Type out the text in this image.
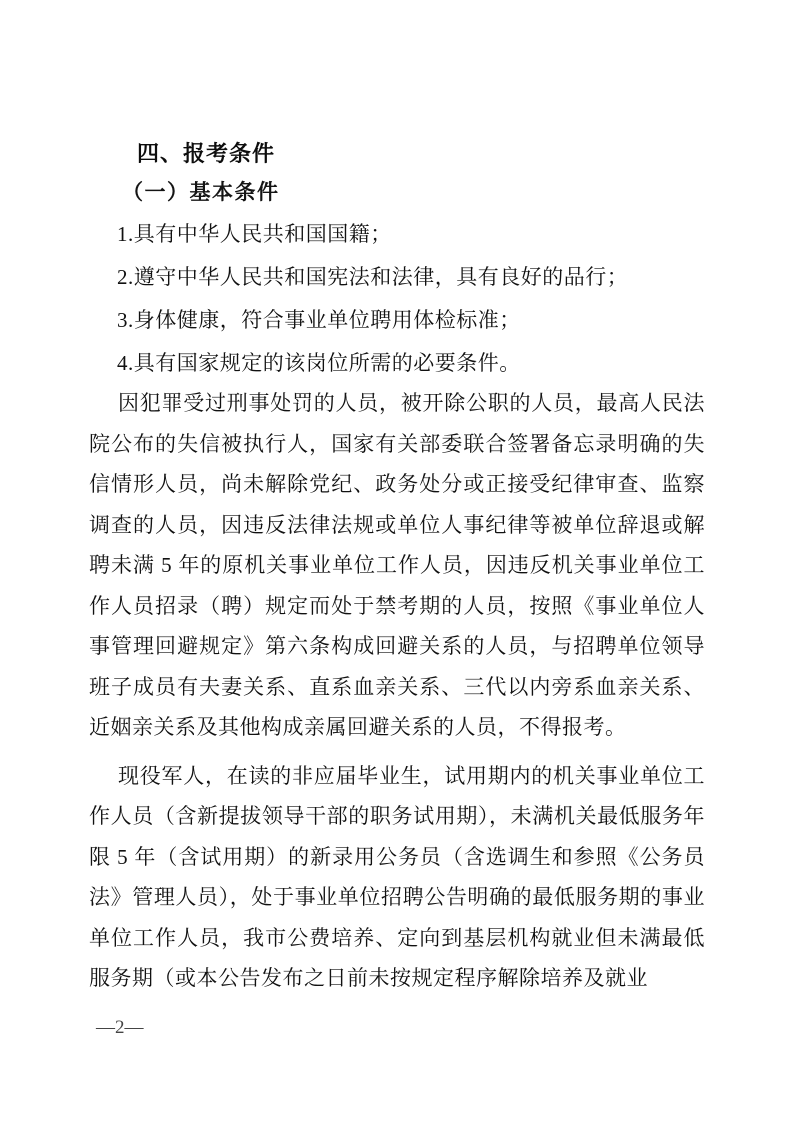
四、报考条件
（一）基本条件

1.具有中华人民共和国国籍；

2.遵守中华人民共和国宪法和法律，具有良好的品行；

3.身体健康，符合事业单位聘用体检标准；

4.具有国家规定的该岗位所需的必要条件。

因犯罪受过刑事处罚的人员，被开除公职的人员，最高人民法院公布的失信被执行人，国家有关部委联合签署备忘录明确的失信情形人员，尚未解除党纪、政务处分或正接受纪律审查、监察调查的人员，因违反法律法规或单位人事纪律等被单位辞退或解聘未满 5 年的原机关事业单位工作人员，因违反机关事业单位工作人员招录（聘）规定而处于禁考期的人员，按照《事业单位人事管理回避规定》第六条构成回避关系的人员，与招聘单位领导班子成员有夫妻关系、直系血亲关系、三代以内旁系血亲关系、近姻亲关系及其他构成亲属回避关系的人员，不得报考。

现役军人，在读的非应届毕业生，试用期内的机关事业单位工作人员（含新提拔领导干部的职务试用期），未满机关最低服务年限 5 年（含试用期）的新录用公务员（含选调生和参照《公务员法》管理人员），处于事业单位招聘公告明确的最低服务期的事业单位工作人员，我市公费培养、定向到基层机构就业但未满最低服务期（或本公告发布之日前未按规定程序解除培养及就业

—2—
